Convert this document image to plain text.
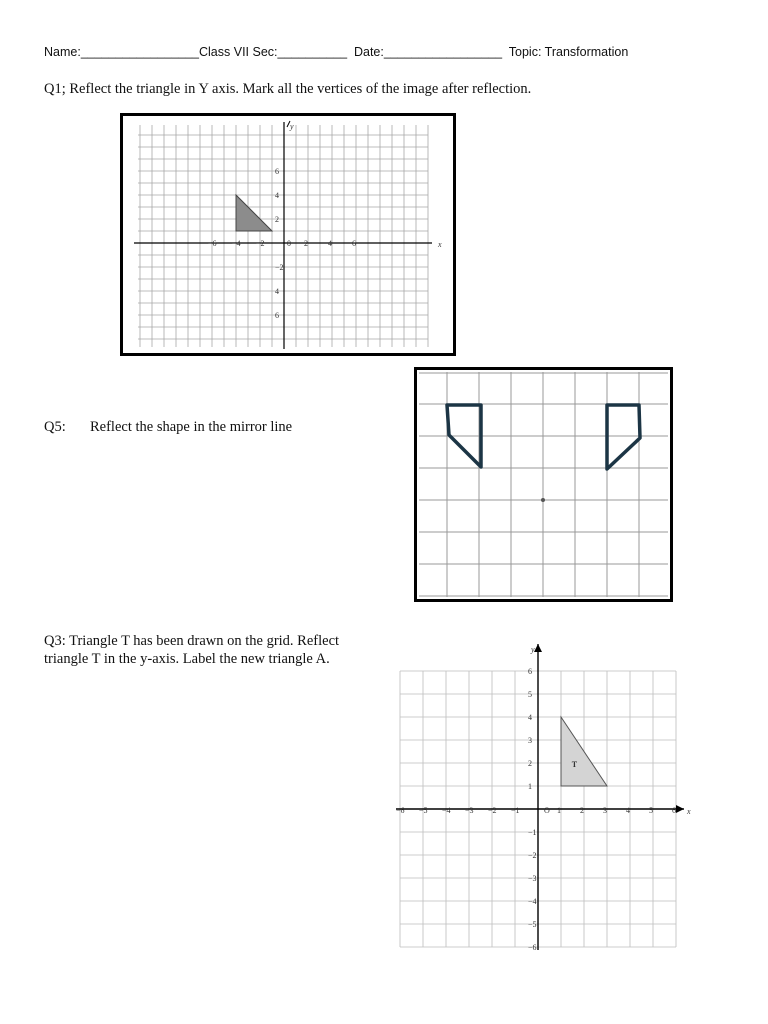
Name:_________________Class VII Sec:__________ Date:_________________ Topic: Transformation
Q1; Reflect the triangle in Y axis. Mark all the vertices of the image after reflection.
−6 −4 −2	0 2	4	6
6
4
2
−2
4
6
x
y
Q5: Reflect the shape in the mirror line
Q3: Triangle T has been drawn on the grid. Reflect triangle T in the y-axis. Label the new triangle A.
T
−6 −5 −4 −3 −2 −1	O 1 2 3 4 5 6
6
5
4
3
2
1
−1
−2
−3
−4
−5
−6
x
y
